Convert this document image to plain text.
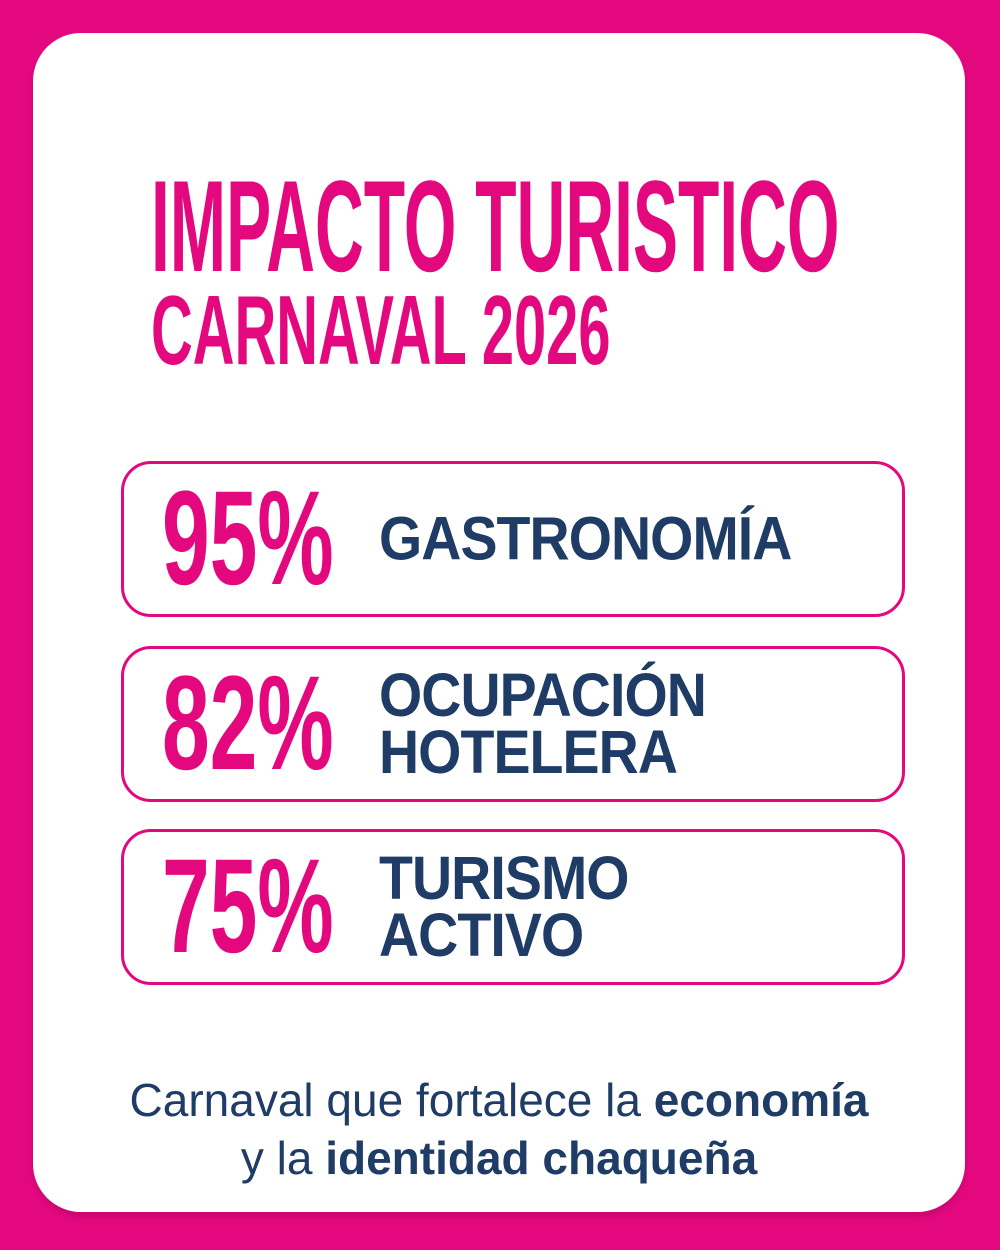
IMPACTO TURISTICO
CARNAVAL 2026
95% GASTRONOMÍA
82% OCUPACIÓN
HOTELERA
75% TURISMO
ACTIVO
Carnaval que fortalece la economía
y la identidad chaqueña
